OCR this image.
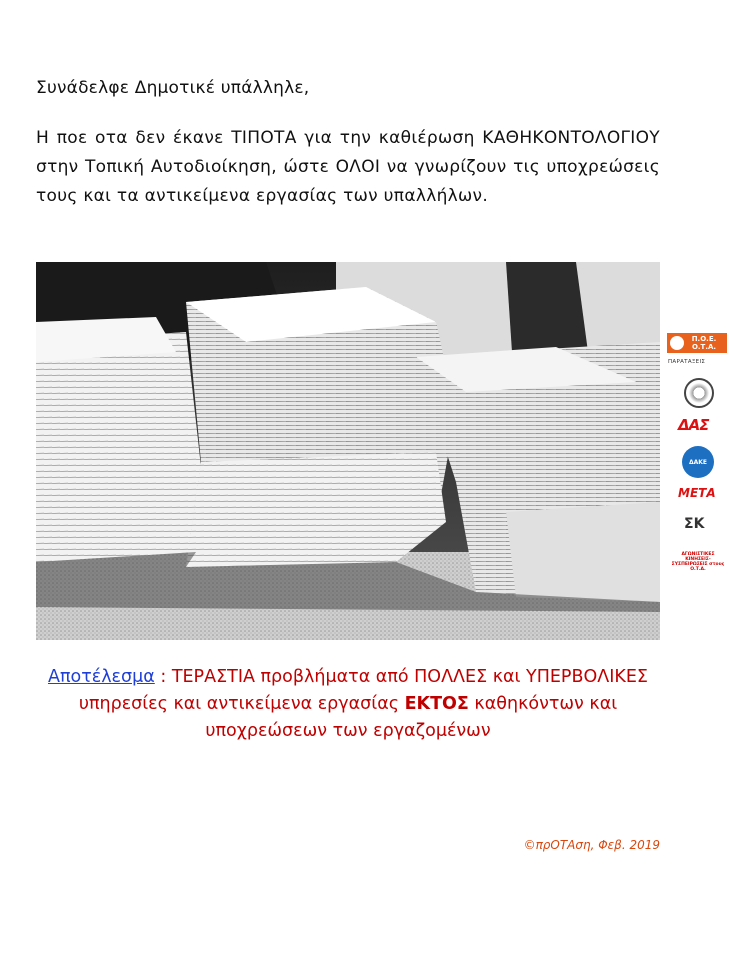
Συνάδελφε Δημοτικέ υπάλληλε,
Η ποε οτα δεν έκανε ΤΙΠΟΤΑ για την καθιέρωση ΚΑΘΗΚΟΝΤΟΛΟΓΙΟΥ στην Τοπική Αυτοδιοίκηση, ώστε ΟΛΟΙ να γνωρίζουν τις υποχρεώσεις τους και τα αντικείμενα εργασίας των υπαλλήλων.
Π.Ο.Ε. Ο.Τ.Α.
ΠΑΡΑΤΑΞΕΙΣ
ΔΑΣ
ΔΑΚΕ
ΜΕΤΑ
ΣΚ
ΑΓΩΝΙΣΤΙΚΕΣ ΚΙΝΗΣΕΙΣ-ΣΥΣΠΕΙΡΩΣΕΙΣ στους Ο.Τ.Α.
Αποτέλεσμα : ΤΕΡΑΣΤΙΑ προβλήματα από ΠΟΛΛΕΣ και ΥΠΕΡΒΟΛΙΚΕΣ υπηρεσίες και αντικείμενα εργασίας ΕΚΤΟΣ καθηκόντων και υποχρεώσεων των εργαζομένων
©πρΟΤΑση, Φεβ. 2019
